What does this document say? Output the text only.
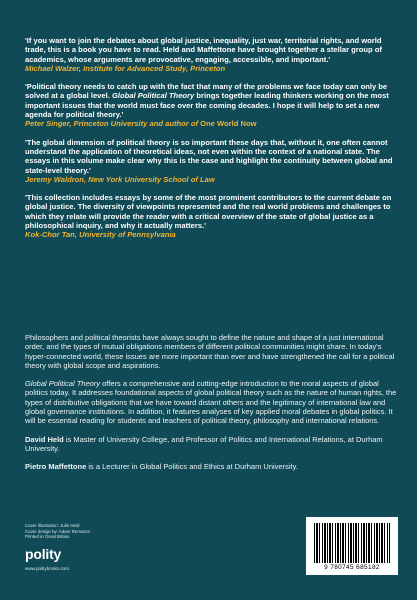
'If you want to join the debates about global justice, inequality, just war, territorial rights, and world trade, this is a book you have to read. Held and Maffettone have brought together a stellar group of academics, whose arguments are provocative, engaging, accessible, and important.'

Michael Walzer, Institute for Advanced Study, Princeton

'Political theory needs to catch up with the fact that many of the problems we face today can only be solved at a global level. Global Political Theory brings together leading thinkers working on the most important issues that the world must face over the coming decades. I hope it will help to set a new agenda for political theory.'

Peter Singer, Princeton University and author of One World Now

'The global dimension of political theory is so important these days that, without it, one often cannot understand the application of theoretical ideas, not even within the context of a national state. The essays in this volume make clear why this is the case and highlight the continuity between global and state-level theory.'

Jeremy Waldron, New York University School of Law

'This collection includes essays by some of the most prominent contributors to the current debate on global justice. The diversity of viewpoints represented and the real world problems and challenges to which they relate will provide the reader with a critical overview of the state of global justice as a philosophical inquiry, and why it actually matters.'

Kok-Chor Tan, University of Pennsylvania

Philosophers and political theorists have always sought to define the nature and shape of a just international order, and the types of mutual obligations members of different political communities might share. In today's hyper-connected world, these issues are more important than ever and have strengthened the call for a political theory with global scope and aspirations.

Global Political Theory offers a comprehensive and cutting-edge introduction to the moral aspects of global politics today. It addresses foundational aspects of global political theory such as the nature of human rights, the types of distributive obligations that we have toward distant others and the legitimacy of international law and global governance institutions. In addition, it features analyses of key applied moral debates in global politics. It will be essential reading for students and teachers of political theory, philosophy and international relations.

David Held is Master of University College, and Professor of Politics and International Relations, at Durham University.

Pietro Maffettone is a Lecturer in Global Politics and Ethics at Durham University.

Cover illustration: Julie Held
Cover design by: Adam Renvoize
Printed in Great Britain
polity
www.politybooks.com	9 780745 685182
